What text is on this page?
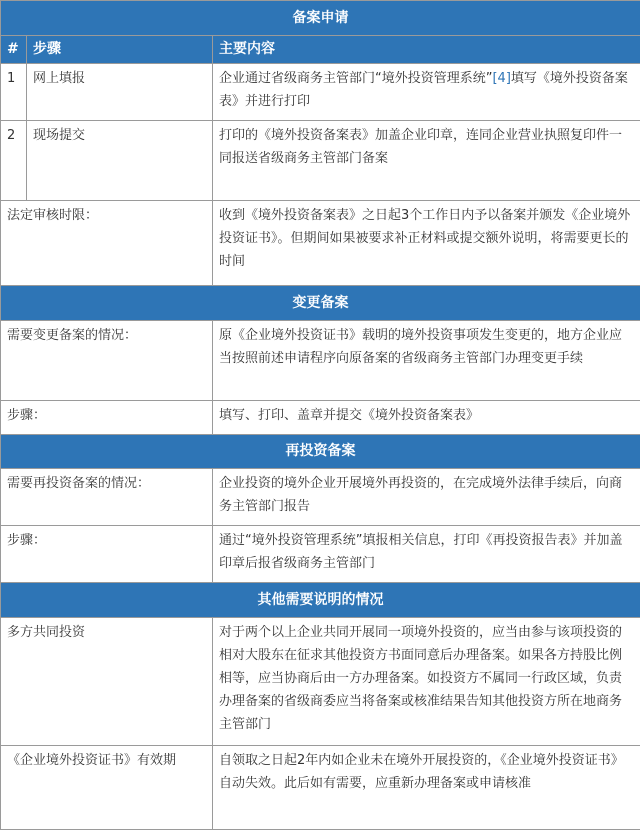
备案申请		
#	步骤	主要内容
1	网上填报	企业通过省级商务主管部门“境外投资管理系统”[4]填写《境外投资备案表》并进行打印
2	现场提交	打印的《境外投资备案表》加盖企业印章，连同企业营业执照复印件一同报送省级商务主管部门备案
法定审核时限：		收到《境外投资备案表》之日起3个工作日内予以备案并颁发《企业境外投资证书》。但期间如果被要求补正材料或提交额外说明，将需要更长的时间
变更备案		
需要变更备案的情况：		原《企业境外投资证书》载明的境外投资事项发生变更的，地方企业应当按照前述申请程序向原备案的省级商务主管部门办理变更手续
步骤：		填写、打印、盖章并提交《境外投资备案表》
再投资备案		
需要再投资备案的情况：		企业投资的境外企业开展境外再投资的，在完成境外法律手续后，向商务主管部门报告
步骤：		通过“境外投资管理系统”填报相关信息，打印《再投资报告表》并加盖印章后报省级商务主管部门
其他需要说明的情况		
多方共同投资		对于两个以上企业共同开展同一项境外投资的，应当由参与该项投资的相对大股东在征求其他投资方书面同意后办理备案。如果各方持股比例相等，应当协商后由一方办理备案。如投资方不属同一行政区域，负责办理备案的省级商委应当将备案或核准结果告知其他投资方所在地商务主管部门
《企业境外投资证书》有效期		自领取之日起2年内如企业未在境外开展投资的，《企业境外投资证书》自动失效。此后如有需要，应重新办理备案或申请核准
